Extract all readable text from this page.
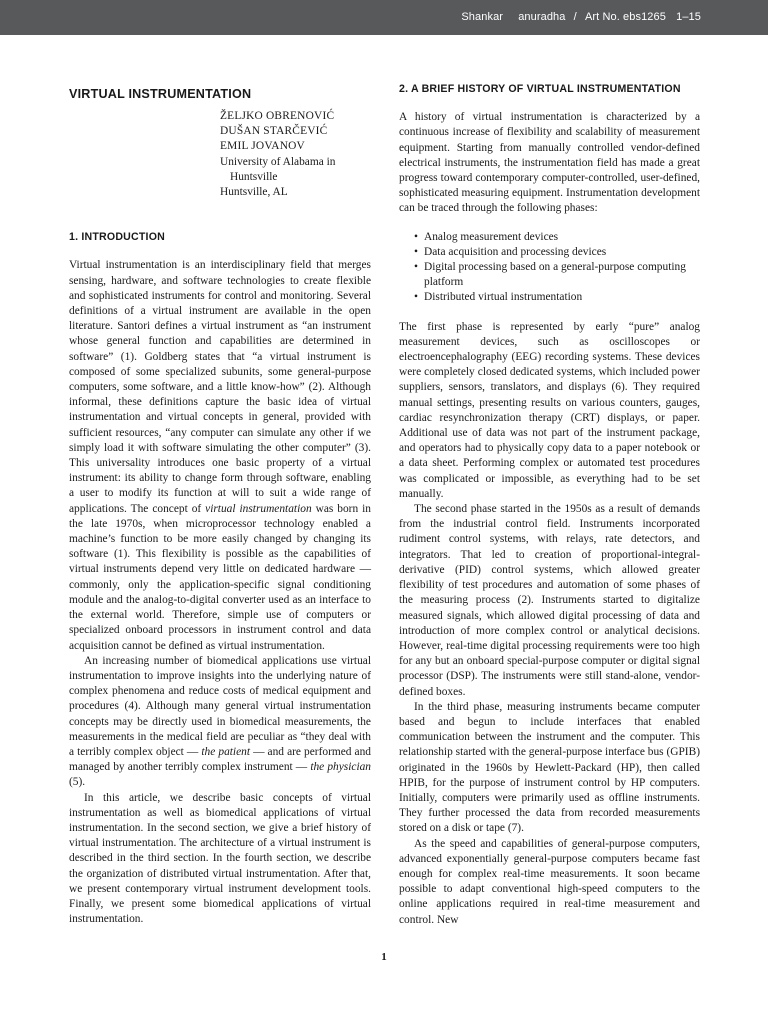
Shankar anuradha / Art No. ebs1265 1–15
VIRTUAL INSTRUMENTATION
ŽELJKO OBRENOVIĆ
DUŠAN STARČEVIĆ
EMIL JOVANOV
University of Alabama in
Huntsville
Huntsville, AL
1. INTRODUCTION

Virtual instrumentation is an interdisciplinary field that merges sensing, hardware, and software technologies to create flexible and sophisticated instruments for control and monitoring. Several definitions of a virtual instrument are available in the open literature. Santori defines a virtual instrument as “an instrument whose general function and capabilities are determined in software” (1). Goldberg states that “a virtual instrument is composed of some specialized subunits, some general-purpose computers, some software, and a little know-how” (2). Although informal, these definitions capture the basic idea of virtual instrumentation and virtual concepts in general, provided with sufficient resources, “any computer can simulate any other if we simply load it with software simulating the other computer” (3). This universality introduces one basic property of a virtual instrument: its ability to change form through software, enabling a user to modify its function at will to suit a wide range of applications. The concept of virtual instrumentation was born in the late 1970s, when microprocessor technology enabled a machine’s function to be more easily changed by changing its software (1). This flexibility is possible as the capabilities of virtual instruments depend very little on dedicated hardware — commonly, only the application-specific signal conditioning module and the analog-to-digital converter used as an interface to the external world. Therefore, simple use of computers or specialized onboard processors in instrument control and data acquisition cannot be defined as virtual instrumentation.

An increasing number of biomedical applications use virtual instrumentation to improve insights into the underlying nature of complex phenomena and reduce costs of medical equipment and procedures (4). Although many general virtual instrumentation concepts may be directly used in biomedical measurements, the measurements in the medical field are peculiar as “they deal with a terribly complex object — the patient — and are performed and managed by another terribly complex instrument — the physician (5).

In this article, we describe basic concepts of virtual instrumentation as well as biomedical applications of virtual instrumentation. In the second section, we give a brief history of virtual instrumentation. The architecture of a virtual instrument is described in the third section. In the fourth section, we describe the organization of distributed virtual instrumentation. After that, we present contemporary virtual instrument development tools. Finally, we present some biomedical applications of virtual instrumentation.

2. A BRIEF HISTORY OF VIRTUAL INSTRUMENTATION

A history of virtual instrumentation is characterized by a continuous increase of flexibility and scalability of measurement equipment. Starting from manually controlled vendor-defined electrical instruments, the instrumentation field has made a great progress toward contemporary computer-controlled, user-defined, sophisticated measuring equipment. Instrumentation development can be traced through the following phases:

• Analog measurement devices
• Data acquisition and processing devices
• Digital processing based on a general-purpose computing platform
• Distributed virtual instrumentation

The first phase is represented by early “pure” analog measurement devices, such as oscilloscopes or electroencephalography (EEG) recording systems. These devices were completely closed dedicated systems, which included power suppliers, sensors, translators, and displays (6). They required manual settings, presenting results on various counters, gauges, cardiac resynchronization therapy (CRT) displays, or paper. Additional use of data was not part of the instrument package, and operators had to physically copy data to a paper notebook or a data sheet. Performing complex or automated test procedures was complicated or impossible, as everything had to be set manually.

The second phase started in the 1950s as a result of demands from the industrial control field. Instruments incorporated rudiment control systems, with relays, rate detectors, and integrators. That led to creation of proportional-integral-derivative (PID) control systems, which allowed greater flexibility of test procedures and automation of some phases of the measuring process (2). Instruments started to digitalize measured signals, which allowed digital processing of data and introduction of more complex control or analytical decisions. However, real-time digital processing requirements were too high for any but an onboard special-purpose computer or digital signal processor (DSP). The instruments were still stand-alone, vendor-defined boxes.

In the third phase, measuring instruments became computer based and begun to include interfaces that enabled communication between the instrument and the computer. This relationship started with the general-purpose interface bus (GPIB) originated in the 1960s by Hewlett-Packard (HP), then called HPIB, for the purpose of instrument control by HP computers. Initially, computers were primarily used as offline instruments. They further processed the data from recorded measurements stored on a disk or tape (7).

As the speed and capabilities of general-purpose computers, advanced exponentially general-purpose computers became fast enough for complex real-time measurements. It soon became possible to adapt conventional high-speed computers to the online applications required in real-time measurement and control. New

1
